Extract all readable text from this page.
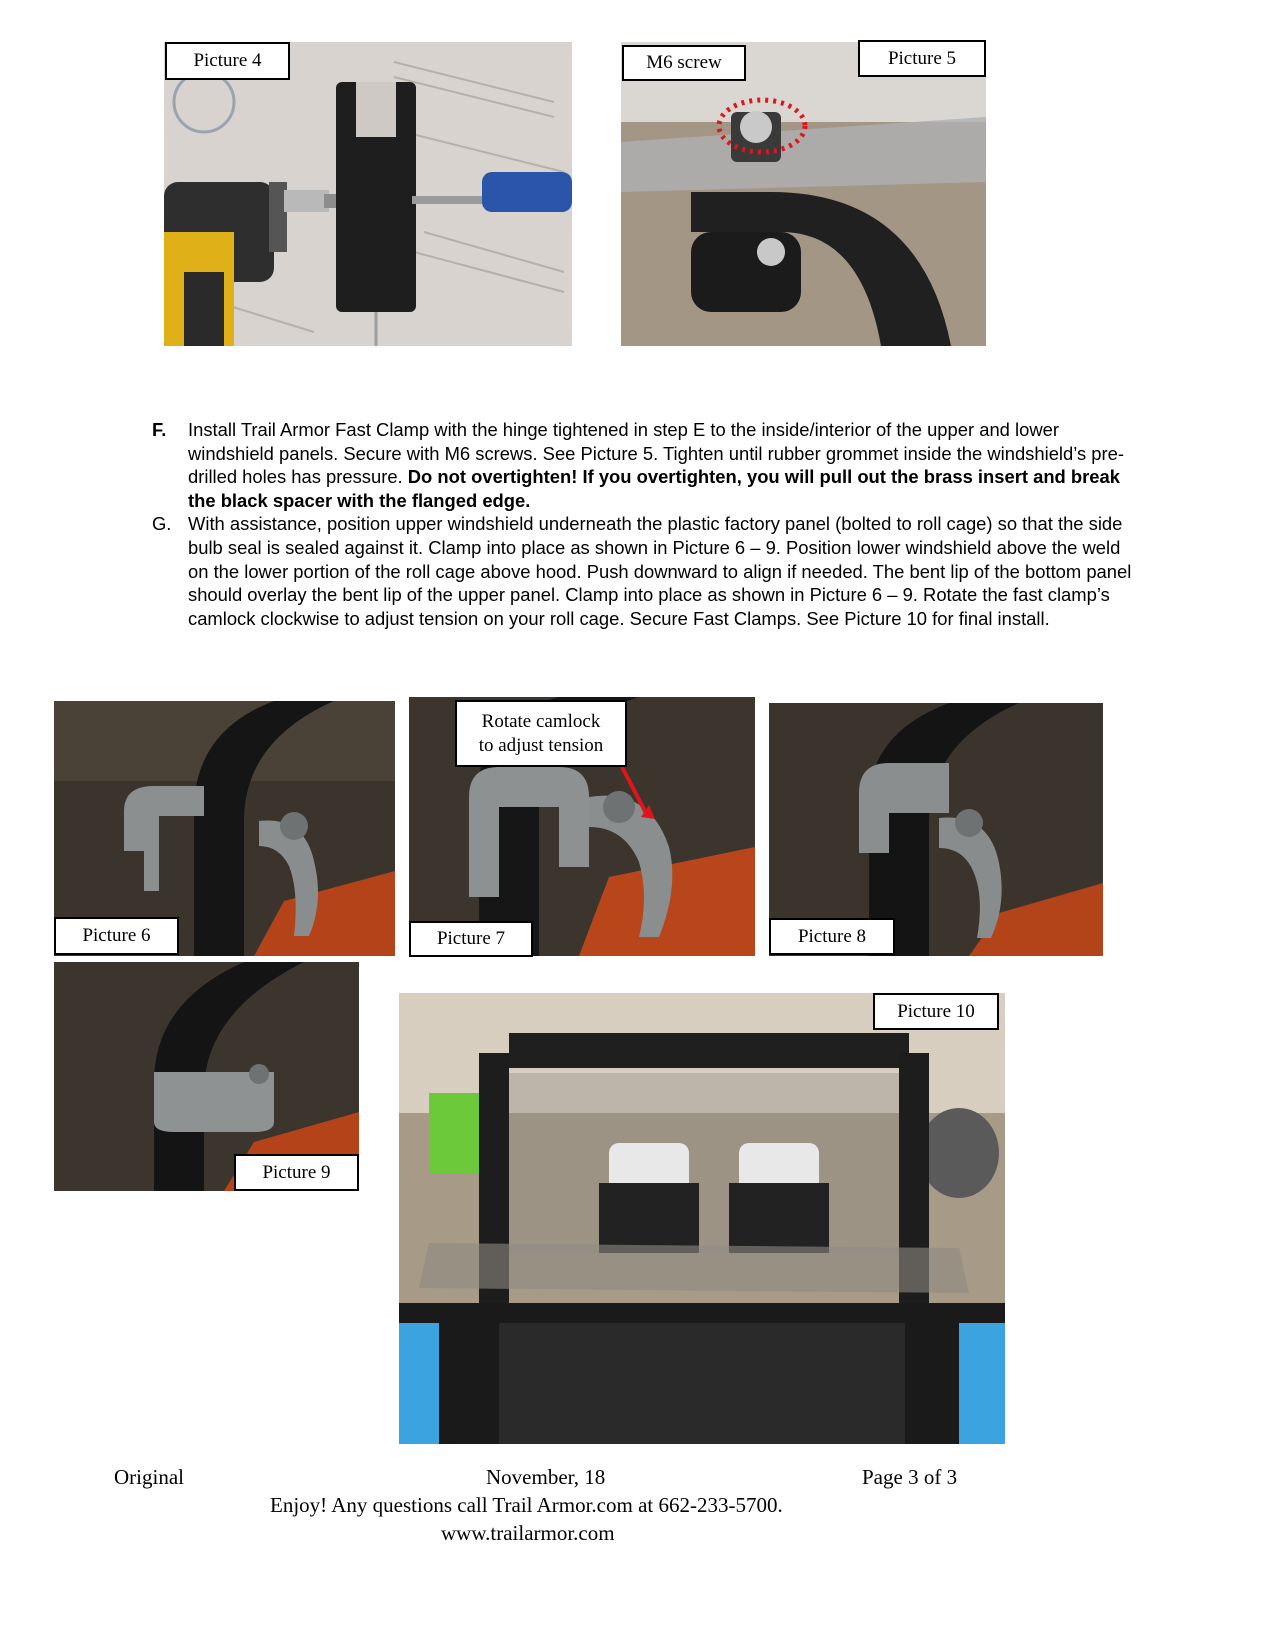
Picture 4	M6 screw	Picture 5
F.	Install Trail Armor Fast Clamp with the hinge tightened in step E to the inside/interior of the upper and lower windshield panels. Secure with M6 screws. See Picture 5. Tighten until rubber grommet inside the windshield’s pre-drilled holes has pressure. Do not overtighten! If you overtighten, you will pull out the brass insert and break the black spacer with the flanged edge.
G. With assistance, position upper windshield underneath the plastic factory panel (bolted to roll cage) so that the side bulb seal is sealed against it. Clamp into place as shown in Picture 6 – 9. Position lower windshield above the weld on the lower portion of the roll cage above hood. Push downward to align if needed. The bent lip of the bottom panel should overlay the bent lip of the upper panel. Clamp into place as shown in Picture 6 – 9. Rotate the fast clamp’s camlock clockwise to adjust tension on your roll cage. Secure Fast Clamps. See Picture 10 for final install.
Picture 6
Rotate camlock
to adjust tension
Picture 7	Picture 8
Picture 9
Picture 10
Original	November, 18	Page 3 of 3
Enjoy! Any questions call Trail Armor.com at 662-233-5700.
www.trailarmor.com
